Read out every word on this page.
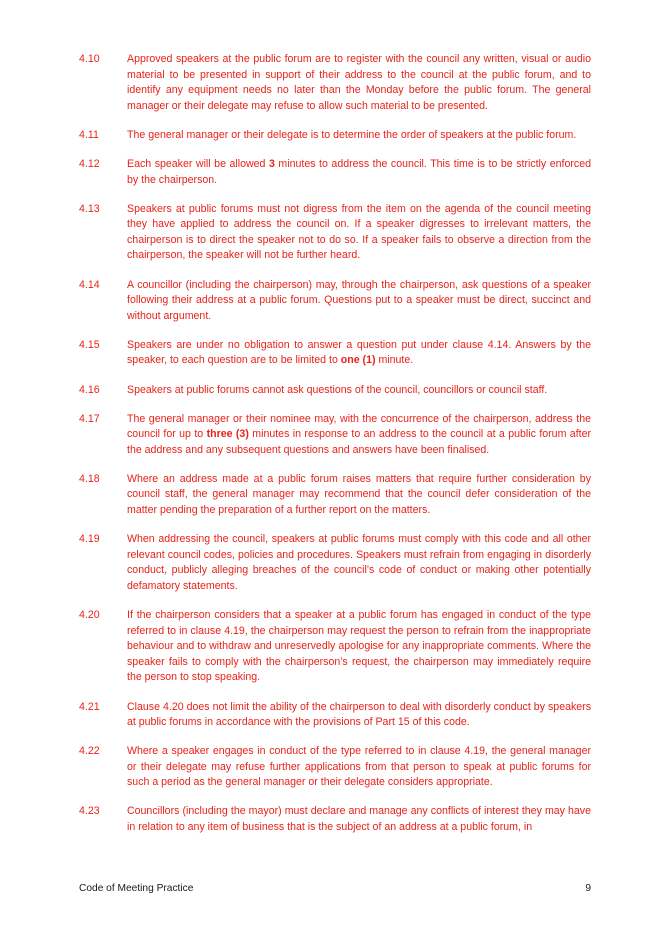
4.10	Approved speakers at the public forum are to register with the council any written, visual or audio material to be presented in support of their address to the council at the public forum, and to identify any equipment needs no later than the Monday before the public forum. The general manager or their delegate may refuse to allow such material to be presented.
4.11	The general manager or their delegate is to determine the order of speakers at the public forum.
4.12	Each speaker will be allowed 3 minutes to address the council. This time is to be strictly enforced by the chairperson.
4.13	Speakers at public forums must not digress from the item on the agenda of the council meeting they have applied to address the council on. If a speaker digresses to irrelevant matters, the chairperson is to direct the speaker not to do so. If a speaker fails to observe a direction from the chairperson, the speaker will not be further heard.
4.14	A councillor (including the chairperson) may, through the chairperson, ask questions of a speaker following their address at a public forum. Questions put to a speaker must be direct, succinct and without argument.
4.15	Speakers are under no obligation to answer a question put under clause 4.14. Answers by the speaker, to each question are to be limited to one (1) minute.
4.16	Speakers at public forums cannot ask questions of the council, councillors or council staff.
4.17	The general manager or their nominee may, with the concurrence of the chairperson, address the council for up to three (3) minutes in response to an address to the council at a public forum after the address and any subsequent questions and answers have been finalised.
4.18	Where an address made at a public forum raises matters that require further consideration by council staff, the general manager may recommend that the council defer consideration of the matter pending the preparation of a further report on the matters.
4.19	When addressing the council, speakers at public forums must comply with this code and all other relevant council codes, policies and procedures. Speakers must refrain from engaging in disorderly conduct, publicly alleging breaches of the council’s code of conduct or making other potentially defamatory statements.
4.20	If the chairperson considers that a speaker at a public forum has engaged in conduct of the type referred to in clause 4.19, the chairperson may request the person to refrain from the inappropriate behaviour and to withdraw and unreservedly apologise for any inappropriate comments. Where the speaker fails to comply with the chairperson’s request, the chairperson may immediately require the person to stop speaking.
4.21	Clause 4.20 does not limit the ability of the chairperson to deal with disorderly conduct by speakers at public forums in accordance with the provisions of Part 15 of this code.
4.22	Where a speaker engages in conduct of the type referred to in clause 4.19, the general manager or their delegate may refuse further applications from that person to speak at public forums for such a period as the general manager or their delegate considers appropriate.
4.23	Councillors (including the mayor) must declare and manage any conflicts of interest they may have in relation to any item of business that is the subject of an address at a public forum, in
Code of Meeting Practice	9
